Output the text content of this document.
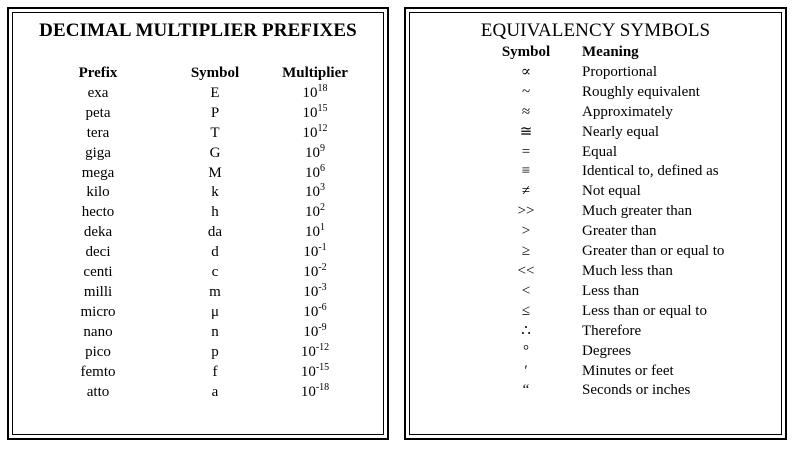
DECIMAL MULTIPLIER PREFIXES
Prefix	Symbol	Multiplier
exa	E	$10^{18}$
peta	P	$10^{15}$
tera	T	$10^{12}$
giga	G	$10^9$
mega	M	$10^6$
kilo	k	$10^3$
hecto	h	$10^2$
deka	da	$10^1$
deci	d	$10^{-1}$
centi	c	$10^{-2}$
milli	m	$10^{-3}$
micro	μ	$10^{-6}$
nano	n	$10^{-9}$
pico	p	$10^{-12}$
femto	f	$10^{-15}$
atto	a	$10^{-18}$
EQUIVALENCY SYMBOLS
Symbol	Meaning
∝	Proportional
~	Roughly equivalent
≈	Approximately
≅	Nearly equal
=	Equal
≡	Identical to, defined as
≠	Not equal
>>	Much greater than
>	Greater than
≥	Greater than or equal to
<<	Much less than
<	Less than
≤	Less than or equal to
∴	Therefore
°	Degrees
′	Minutes or feet
“	Seconds or inches
